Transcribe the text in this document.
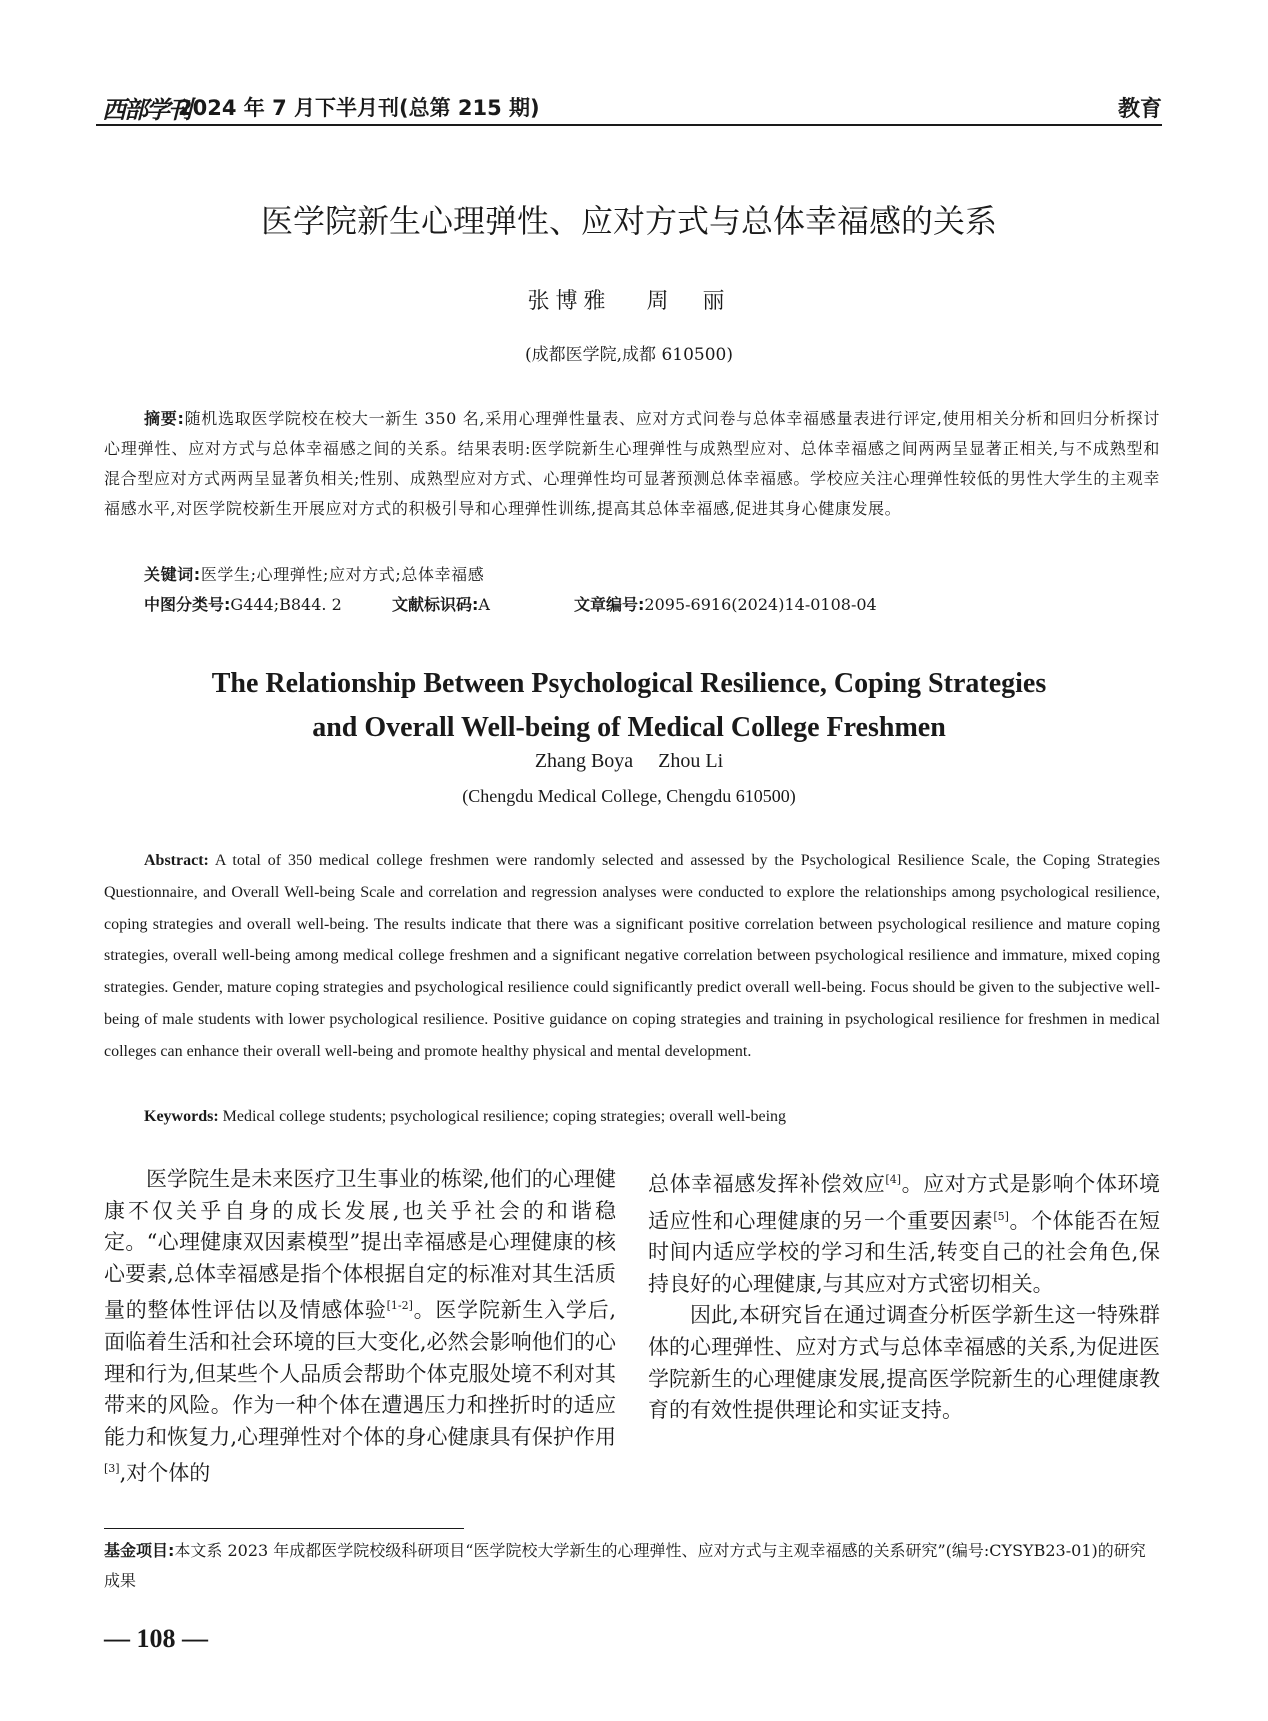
西部学刊
2024 年 7 月下半月刊(总第 215 期)	教育
医学院新生心理弹性、应对方式与总体幸福感的关系
张博雅 周　丽
(成都医学院,成都 610500)
摘要:随机选取医学院校在校大一新生 350 名,采用心理弹性量表、应对方式问卷与总体幸福感量表进行评定,使用相关分析和回归分析探讨心理弹性、应对方式与总体幸福感之间的关系。结果表明:医学院新生心理弹性与成熟型应对、总体幸福感之间两两呈显著正相关,与不成熟型和混合型应对方式两两呈显著负相关;性别、成熟型应对方式、心理弹性均可显著预测总体幸福感。学校应关注心理弹性较低的男性大学生的主观幸福感水平,对医学院校新生开展应对方式的积极引导和心理弹性训练,提高其总体幸福感,促进其身心健康发展。
关键词:医学生;心理弹性;应对方式;总体幸福感
中图分类号:G444;B844. 2	文献标识码:A	文章编号:2095-6916(2024)14-0108-04
The Relationship Between Psychological Resilience, Coping Strategies
and Overall Well-being of Medical College Freshmen
Zhang Boya Zhou Li
(Chengdu Medical College, Chengdu 610500)
Abstract: A total of 350 medical college freshmen were randomly selected and assessed by the Psychological Resilience Scale, the Coping Strategies Questionnaire, and Overall Well-being Scale and correlation and regression analyses were conducted to explore the relationships among psychological resilience, coping strategies and overall well-being. The results indicate that there was a significant positive correlation between psychological resilience and mature coping strategies, overall well-being among medical college freshmen and a significant negative correlation between psychological resilience and immature, mixed coping strategies. Gender, mature coping strategies and psychological resilience could significantly predict overall well-being. Focus should be given to the subjective well-being of male students with lower psychological resilience. Positive guidance on coping strategies and training in psychological resilience for freshmen in medical colleges can enhance their overall well-being and promote healthy physical and mental development.
Keywords: Medical college students; psychological resilience; coping strategies; overall well-being

医学院生是未来医疗卫生事业的栋梁,他们的心理健康不仅关乎自身的成长发展,也关乎社会的和谐稳定。“心理健康双因素模型”提出幸福感是心理健康的核心要素,总体幸福感是指个体根据自定的标准对其生活质量的整体性评估以及情感体验[1-2]。医学院新生入学后,面临着生活和社会环境的巨大变化,必然会影响他们的心理和行为,但某些个人品质会帮助个体克服处境不利对其带来的风险。作为一种个体在遭遇压力和挫折时的适应能力和恢复力,心理弹性对个体的身心健康具有保护作用[3],对个体的

总体幸福感发挥补偿效应[4]。应对方式是影响个体环境适应性和心理健康的另一个重要因素[5]。个体能否在短时间内适应学校的学习和生活,转变自己的社会角色,保持良好的心理健康,与其应对方式密切相关。

因此,本研究旨在通过调查分析医学新生这一特殊群体的心理弹性、应对方式与总体幸福感的关系,为促进医学院新生的心理健康发展,提高医学院新生的心理健康教育的有效性提供理论和实证支持。

基金项目:本文系 2023 年成都医学院校级科研项目“医学院校大学新生的心理弹性、应对方式与主观幸福感的关系研究”(编号:CYSYB23-01)的研究成果
— 108 —
